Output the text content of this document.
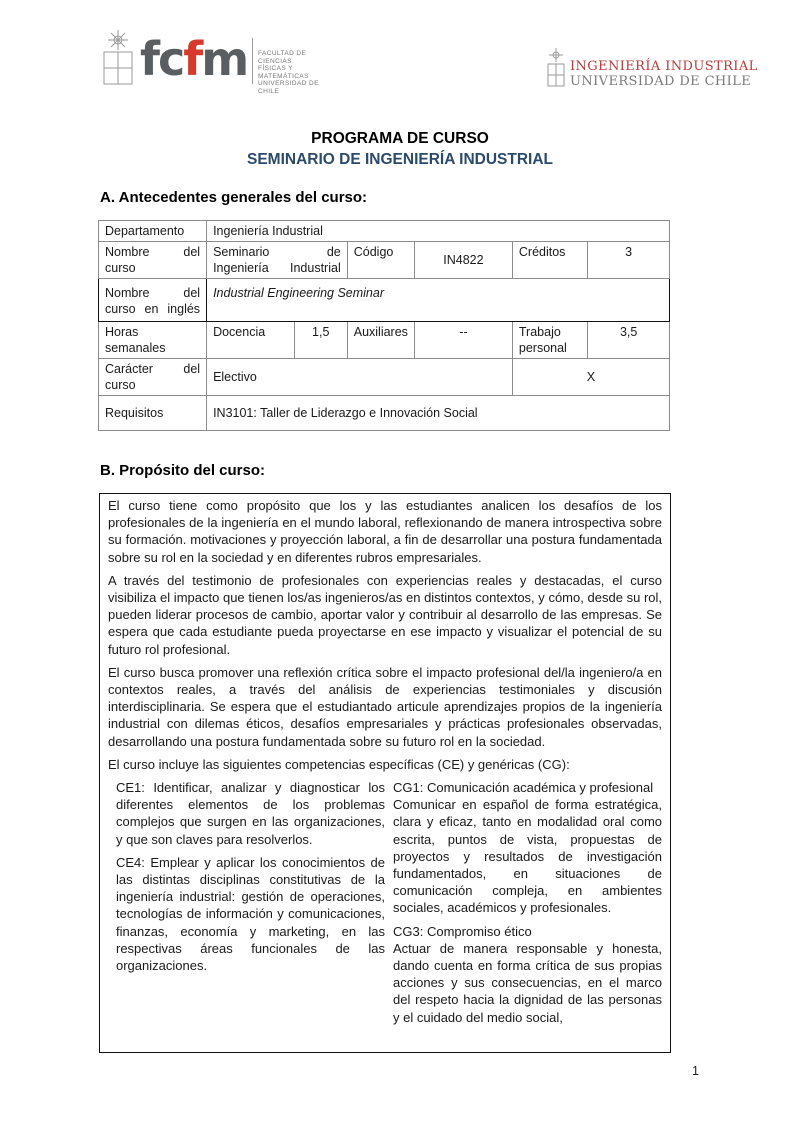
fcfm FACULTAD DE CIENCIAS
FÍSICAS Y MATEMÁTICAS
UNIVERSIDAD DE CHILE
INGENIERÍA INDUSTRIAL
UNIVERSIDAD DE CHILE
PROGRAMA DE CURSO
SEMINARIO DE INGENIERÍA INDUSTRIAL
A. Antecedentes generales del curso:
Departamento	Ingeniería Industrial					
Nombre del curso	Seminario de Ingeniería Industrial		Código	IN4822	Créditos	3
Nombre del curso en inglés	Industrial Engineering Seminar					
Horas semanales	Docencia	1,5	Auxiliares	--	Trabajo personal	3,5
Carácter del curso	Electivo				X	
Requisitos	IN3101: Taller de Liderazgo e Innovación Social					
B. Propósito del curso:

El curso tiene como propósito que los y las estudiantes analicen los desafíos de los profesionales de la ingeniería en el mundo laboral, reflexionando de manera introspectiva sobre su formación. motivaciones y proyección laboral, a fin de desarrollar una postura fundamentada sobre su rol en la sociedad y en diferentes rubros empresariales.

A través del testimonio de profesionales con experiencias reales y destacadas, el curso visibiliza el impacto que tienen los/as ingenieros/as en distintos contextos, y cómo, desde su rol, pueden liderar procesos de cambio, aportar valor y contribuir al desarrollo de las empresas. Se espera que cada estudiante pueda proyectarse en ese impacto y visualizar el potencial de su futuro rol profesional.

El curso busca promover una reflexión crítica sobre el impacto profesional del/la ingeniero/a en contextos reales, a través del análisis de experiencias testimoniales y discusión interdisciplinaria. Se espera que el estudiantado articule aprendizajes propios de la ingeniería industrial con dilemas éticos, desafíos empresariales y prácticas profesionales observadas, desarrollando una postura fundamentada sobre su futuro rol en la sociedad.

El curso incluye las siguientes competencias específicas (CE) y genéricas (CG):

CE1: Identificar, analizar y diagnosticar los diferentes elementos de los problemas complejos que surgen en las organizaciones, y que son claves para resolverlos.

CE4: Emplear y aplicar los conocimientos de las distintas disciplinas constitutivas de la ingeniería industrial: gestión de operaciones, tecnologías de información y comunicaciones, finanzas, economía y marketing, en las respectivas áreas funcionales de las organizaciones.

CG1: Comunicación académica y profesional
Comunicar en español de forma estratégica, clara y eficaz, tanto en modalidad oral como escrita, puntos de vista, propuestas de proyectos y resultados de investigación fundamentados, en situaciones de comunicación compleja, en ambientes sociales, académicos y profesionales.

CG3: Compromiso ético
Actuar de manera responsable y honesta, dando cuenta en forma crítica de sus propias acciones y sus consecuencias, en el marco del respeto hacia la dignidad de las personas y el cuidado del medio social,

1
